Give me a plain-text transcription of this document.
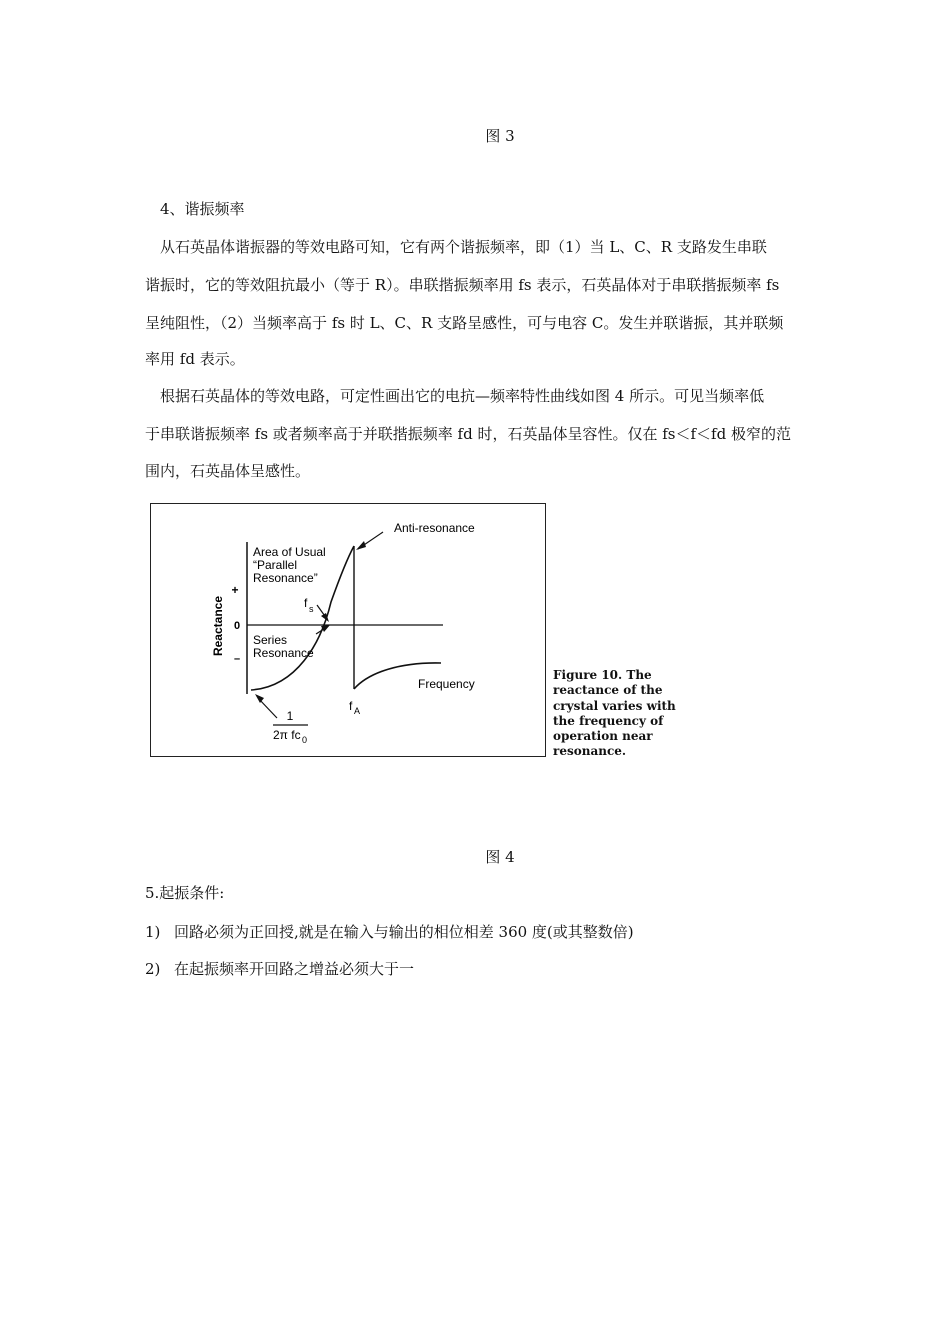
图 3
4、谐振频率
从石英晶体谐振器的等效电路可知，它有两个谐振频率，即（1）当 L、C、R 支路发生串联
谐振时，它的等效阻抗最小（等于 R）。串联揩振频率用 fs 表示，石英晶体对于串联揩振频率 fs
呈纯阻性，（2）当频率高于 fs 时 L、C、R 支路呈感性，可与电容 C。发生并联谐振，其并联频
率用 fd 表示。
根据石英晶体的等效电路，可定性画出它的电抗—频率特性曲线如图 4 所示。可见当频率低
于串联谐振频率 fs 或者频率高于并联揩振频率 fd 时，石英晶体呈容性。仅在 fs＜f＜fd 极窄的范
围内，石英晶体呈感性。
Reactance
+
0
–
Anti-resonance
Area of Usual
“Parallel
Resonance”
f s
Series
Resonance
Frequency
f A
1
2π fc 0
Figure 10. The
reactance of the
crystal varies with
the frequency of
operation near
resonance.
图 4
5.起振条件:
1) 回路必须为正回授,就是在输入与输出的相位相差 360 度(或其整数倍)
2) 在起振频率开回路之增益必须大于一
